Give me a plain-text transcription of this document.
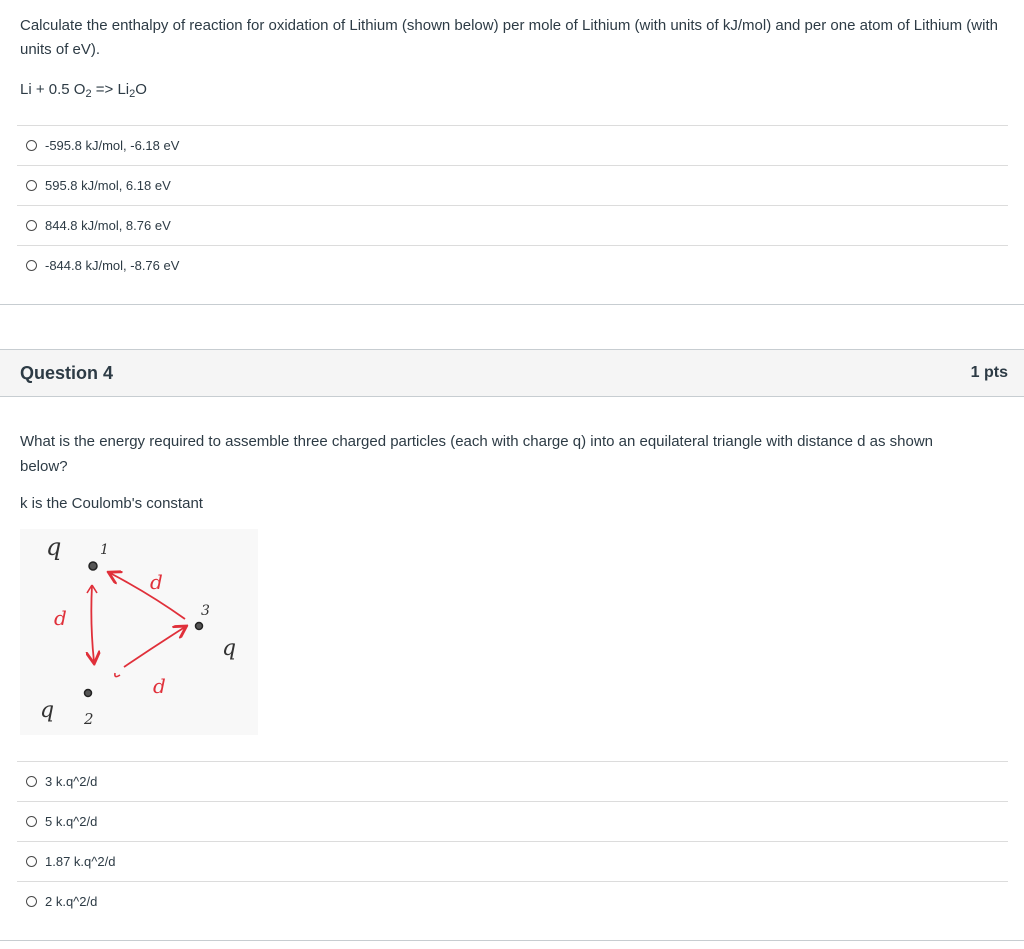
Calculate the enthalpy of reaction for oxidation of Lithium (shown below) per mole of Lithium (with units of kJ/mol) and per one atom of Lithium (with units of eV).
Li + 0.5 $O_2 => Li_2O$
-595.8 kJ/mol, -6.18 eV
595.8 kJ/mol, 6.18 eV
844.8 kJ/mol, 8.76 eV
-844.8 kJ/mol, -8.76 eV
Question 4	1 pts
What is the energy required to assemble three charged particles (each with charge q) into an equilateral triangle with distance d as shown below?
k is the Coulomb's constant
q	1
q 2
q
3
d
d
d
3 k.q^2/d
5 k.q^2/d
1.87 k.q^2/d
2 k.q^2/d
